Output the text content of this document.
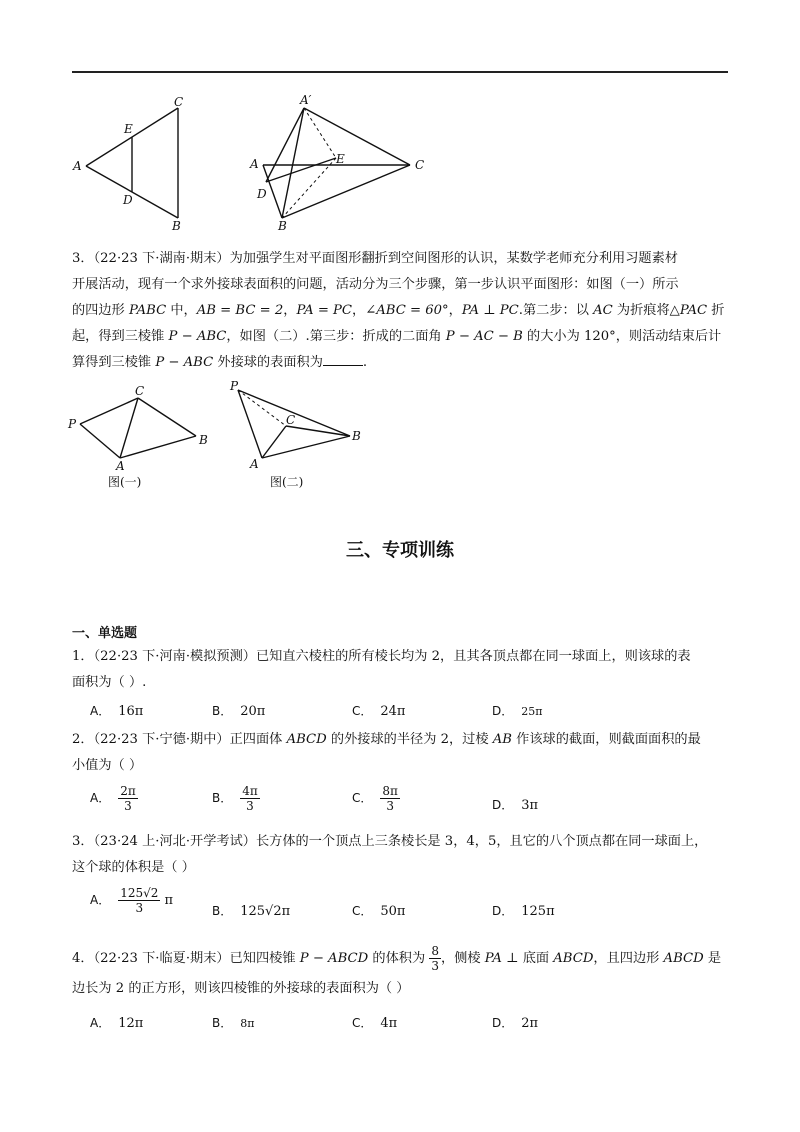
C
E
A
D
B
A′
A	E	C
D
B
3．（22·23 下·湖南·期末）为加强学生对平面图形翻折到空间图形的认识，某数学老师充分利用习题素材
开展活动，现有一个求外接球表面积的问题，活动分为三个步骤，第一步认识平面图形：如图（一）所示
的四边形 PABC 中，AB = BC = 2，PA = PC，∠ABC = 60°，PA ⊥ PC.第二步：以 AC 为折痕将△PAC 折
起，得到三棱锥 P − ABC，如图（二）.第三步：折成的二面角 P − AC − B 的大小为 120°，则活动结束后计
算得到三棱锥 P − ABC 外接球的表面积为	.
C
P
B
A
图(一)
P
C
B
A
图(二)
三、专项训练
一、单选题
1．（22·23 下·河南·模拟预测）已知直六棱柱的所有棱长均为 2，且其各顶点都在同一球面上，则该球的表
面积为（ ）.
A． 16π	B． 20π	C． 24π	D． 25π
2．（22·23 下·宁德·期中）正四面体 ABCD 的外接球的半径为 2，过棱 AB 作该球的截面，则截面面积的最
小值为（ ）
A． $\frac{2\pi}{3}$	B． $\frac{4\pi}{3}$	C． $\frac{8\pi}{3}$	D． 3π
3．（23·24 上·河北·开学考试）长方体的一个顶点上三条棱长是 3，4，5，且它的八个顶点都在同一球面上，
这个球的体积是（ ）
A． $\frac{125√2}{3}$ π
B． 125√2π	C． 50π	D． 125π
4．（22·23 下·临夏·期末）已知四棱锥 P − ABCD 的体积为 $\frac{8}{3}$ ，侧棱 PA ⊥ 底面 ABCD，且四边形 ABCD 是
边长为 2 的正方形，则该四棱锥的外接球的表面积为（ ）
A． 12π	B． 8π	C． 4π	D． 2π
